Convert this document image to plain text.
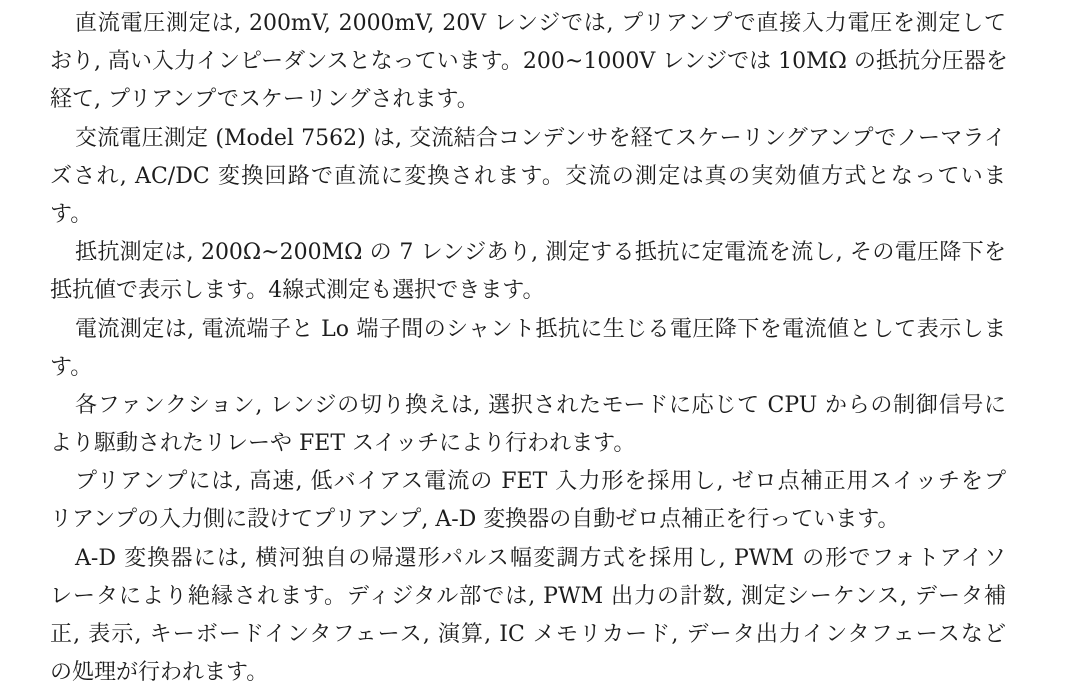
直流電圧測定は, 200mV, 2000mV, 20V レンジでは, プリアンプで直接入力電圧を測定して

おり, 高い入力インピーダンスとなっています。200~1000V レンジでは 10MΩ の抵抗分圧器を

経て, プリアンプでスケーリングされます。

交流電圧測定 (Model 7562) は, 交流結合コンデンサを経てスケーリングアンプでノーマライ

ズされ, AC/DC 変換回路で直流に変換されます。交流の測定は真の実効値方式となっていま

す。

抵抗測定は, 200Ω~200MΩ の 7 レンジあり, 測定する抵抗に定電流を流し, その電圧降下を

抵抗値で表示します。4線式測定も選択できます。

電流測定は, 電流端子と Lo 端子間のシャント抵抗に生じる電圧降下を電流値として表示しま

す。

各ファンクション, レンジの切り換えは, 選択されたモードに応じて CPU からの制御信号に

より駆動されたリレーや FET スイッチにより行われます。

プリアンプには, 高速, 低バイアス電流の FET 入力形を採用し, ゼロ点補正用スイッチをプ

リアンプの入力側に設けてプリアンプ, A-D 変換器の自動ゼロ点補正を行っています。

A-D 変換器には, 横河独自の帰還形パルス幅変調方式を採用し, PWM の形でフォトアイソ

レータにより絶縁されます。ディジタル部では, PWM 出力の計数, 測定シーケンス, データ補

正, 表示, キーボードインタフェース, 演算, IC メモリカード, データ出力インタフェースなど

の処理が行われます。
